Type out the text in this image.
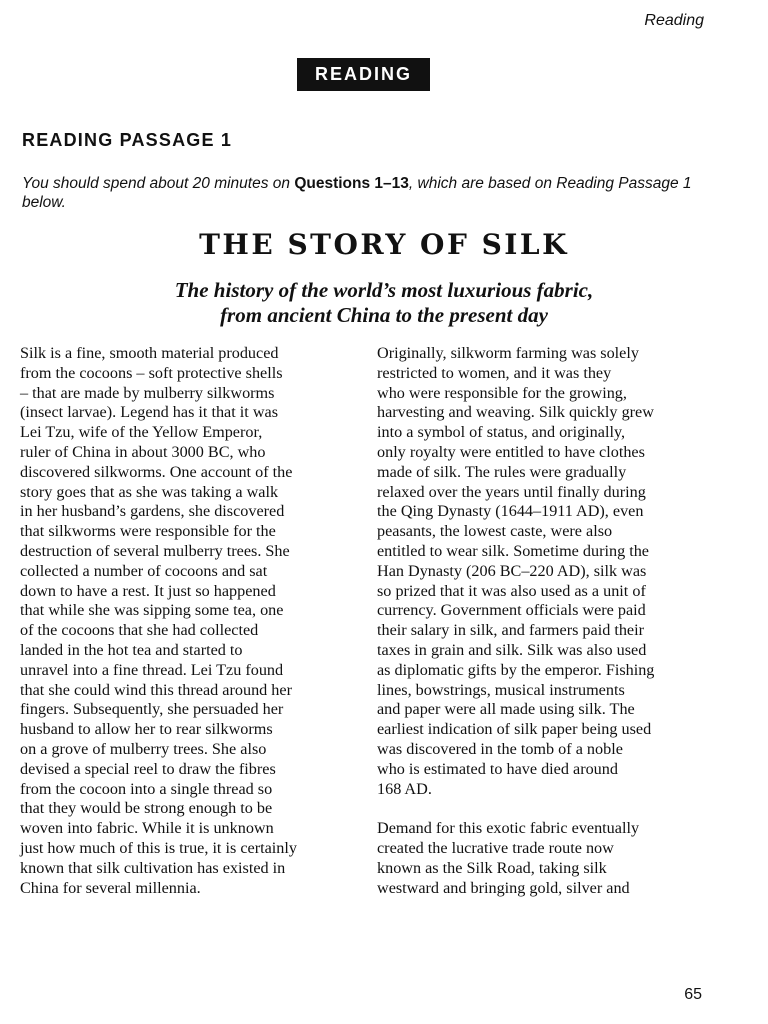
Reading
READING
READING PASSAGE 1
You should spend about 20 minutes on Questions 1–13, which are based on Reading Passage 1 below.
THE STORY OF SILK
The history of the world’s most luxurious fabric,
from ancient China to the present day
Silk is a fine, smooth material produced
from the cocoons – soft protective shells
– that are made by mulberry silkworms
(insect larvae). Legend has it that it was
Lei Tzu, wife of the Yellow Emperor,
ruler of China in about 3000 BC, who
discovered silkworms. One account of the
story goes that as she was taking a walk
in her husband’s gardens, she discovered
that silkworms were responsible for the
destruction of several mulberry trees. She
collected a number of cocoons and sat
down to have a rest. It just so happened
that while she was sipping some tea, one
of the cocoons that she had collected
landed in the hot tea and started to
unravel into a fine thread. Lei Tzu found
that she could wind this thread around her
fingers. Subsequently, she persuaded her
husband to allow her to rear silkworms
on a grove of mulberry trees. She also
devised a special reel to draw the fibres
from the cocoon into a single thread so
that they would be strong enough to be
woven into fabric. While it is unknown
just how much of this is true, it is certainly
known that silk cultivation has existed in
China for several millennia.
Originally, silkworm farming was solely
restricted to women, and it was they
who were responsible for the growing,
harvesting and weaving. Silk quickly grew
into a symbol of status, and originally,
only royalty were entitled to have clothes
made of silk. The rules were gradually
relaxed over the years until finally during
the Qing Dynasty (1644–1911 AD), even
peasants, the lowest caste, were also
entitled to wear silk. Sometime during the
Han Dynasty (206 BC–220 AD), silk was
so prized that it was also used as a unit of
currency. Government officials were paid
their salary in silk, and farmers paid their
taxes in grain and silk. Silk was also used
as diplomatic gifts by the emperor. Fishing
lines, bowstrings, musical instruments
and paper were all made using silk. The
earliest indication of silk paper being used
was discovered in the tomb of a noble
who is estimated to have died around
168 AD.
Demand for this exotic fabric eventually
created the lucrative trade route now
known as the Silk Road, taking silk
westward and bringing gold, silver and
65
